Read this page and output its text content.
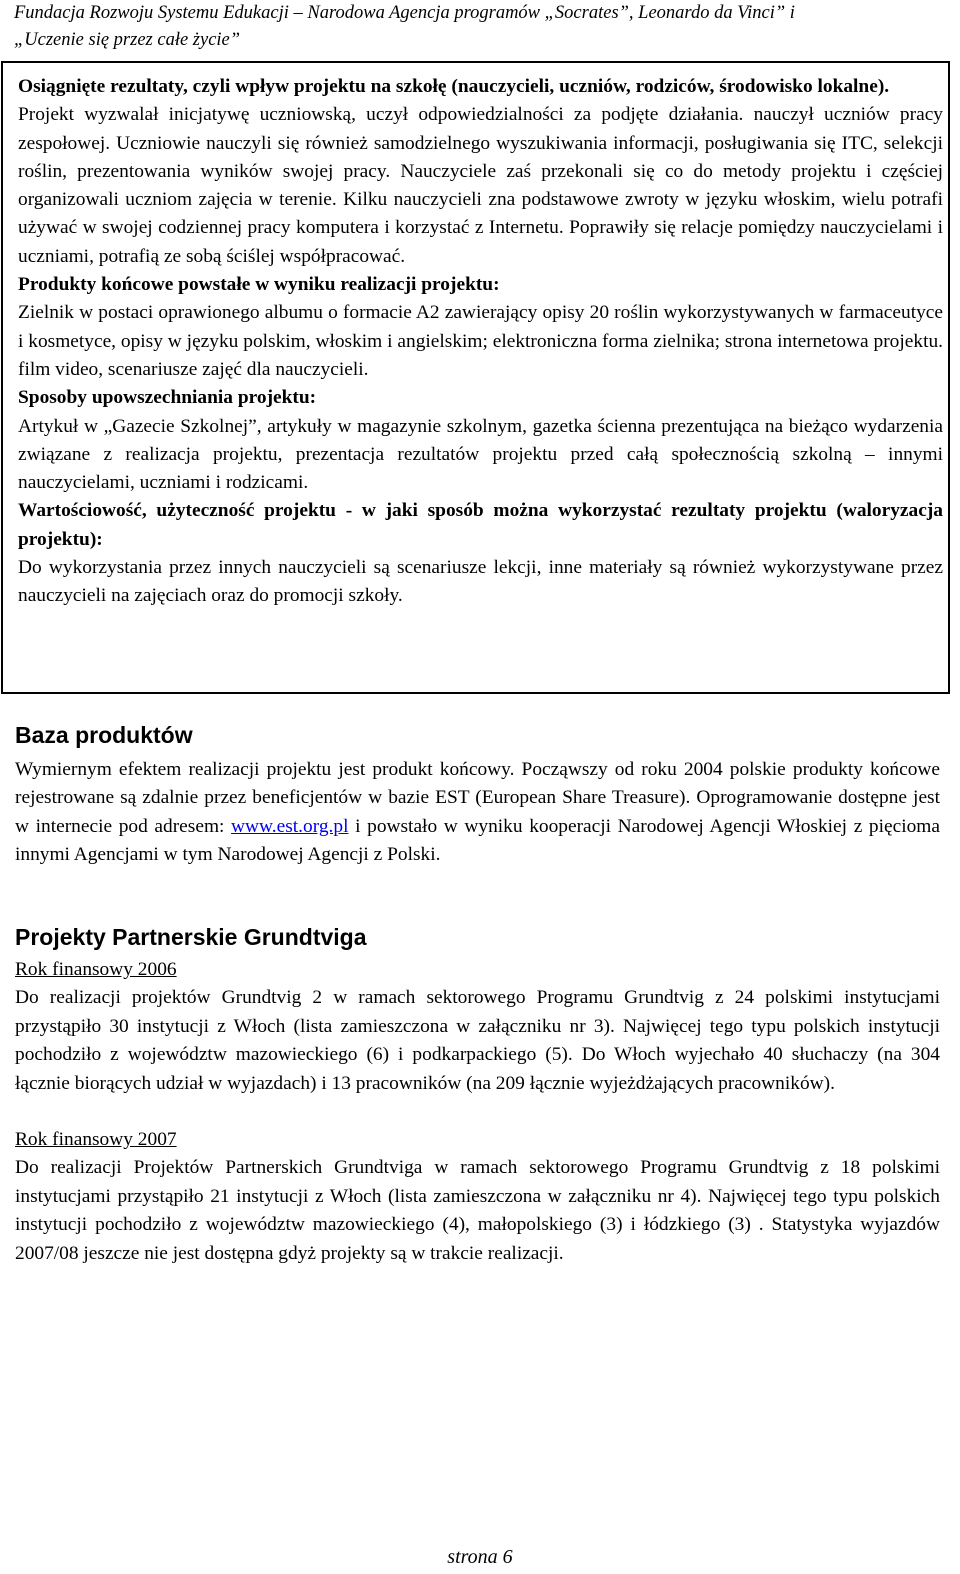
Fundacja Rozwoju Systemu Edukacji – Narodowa Agencja programów „Socrates”, Leonardo da Vinci” i
„Uczenie się przez całe życie”

Osiągnięte rezultaty, czyli wpływ projektu na szkołę (nauczycieli, uczniów, rodziców, środowisko lokalne).

Projekt wyzwalał inicjatywę uczniowską, uczył odpowiedzialności za podjęte działania. nauczył uczniów pracy zespołowej. Uczniowie nauczyli się również samodzielnego wyszukiwania informacji, posługiwania się ITC, selekcji roślin, prezentowania wyników swojej pracy. Nauczyciele zaś przekonali się co do metody projektu i częściej organizowali uczniom zajęcia w terenie. Kilku nauczycieli zna podstawowe zwroty w języku włoskim, wielu potrafi używać w swojej codziennej pracy komputera i korzystać z Internetu. Poprawiły się relacje pomiędzy nauczycielami i uczniami, potrafią ze sobą ściślej współpracować.

Produkty końcowe powstałe w wyniku realizacji projektu:

Zielnik w postaci oprawionego albumu o formacie A2 zawierający opisy 20 roślin wykorzystywanych w farmaceutyce i kosmetyce, opisy w języku polskim, włoskim i angielskim; elektroniczna forma zielnika; strona internetowa projektu. film video, scenariusze zajęć dla nauczycieli.

Sposoby upowszechniania projektu:

Artykuł w „Gazecie Szkolnej”, artykuły w magazynie szkolnym, gazetka ścienna prezentująca na bieżąco wydarzenia związane z realizacja projektu, prezentacja rezultatów projektu przed całą społecznością szkolną – innymi nauczycielami, uczniami i rodzicami.

Wartościowość, użyteczność projektu - w jaki sposób można wykorzystać rezultaty projektu (waloryzacja projektu):

Do wykorzystania przez innych nauczycieli są scenariusze lekcji, inne materiały są również wykorzystywane przez nauczycieli na zajęciach oraz do promocji szkoły.

Baza produktów

Wymiernym efektem realizacji projektu jest produkt końcowy. Począwszy od roku 2004 polskie produkty końcowe rejestrowane są zdalnie przez beneficjentów w bazie EST (European Share Treasure). Oprogramowanie dostępne jest w internecie pod adresem: www.est.org.pl i powstało w wyniku kooperacji Narodowej Agencji Włoskiej z pięcioma innymi Agencjami w tym Narodowej Agencji z Polski.

Projekty Partnerskie Grundtviga

Rok finansowy 2006

Do realizacji projektów Grundtvig 2 w ramach sektorowego Programu Grundtvig z 24 polskimi instytucjami przystąpiło 30 instytucji z Włoch (lista zamieszczona w załączniku nr 3). Najwięcej tego typu polskich instytucji pochodziło z województw mazowieckiego (6) i podkarpackiego (5). Do Włoch wyjechało 40 słuchaczy (na 304 łącznie biorących udział w wyjazdach) i 13 pracowników (na 209 łącznie wyjeżdżających pracowników).

Rok finansowy 2007

Do realizacji Projektów Partnerskich Grundtviga w ramach sektorowego Programu Grundtvig z 18 polskimi instytucjami przystąpiło 21 instytucji z Włoch (lista zamieszczona w załączniku nr 4). Najwięcej tego typu polskich instytucji pochodziło z województw mazowieckiego (4), małopolskiego (3) i łódzkiego (3) . Statystyka wyjazdów 2007/08 jeszcze nie jest dostępna gdyż projekty są w trakcie realizacji.

strona 6
